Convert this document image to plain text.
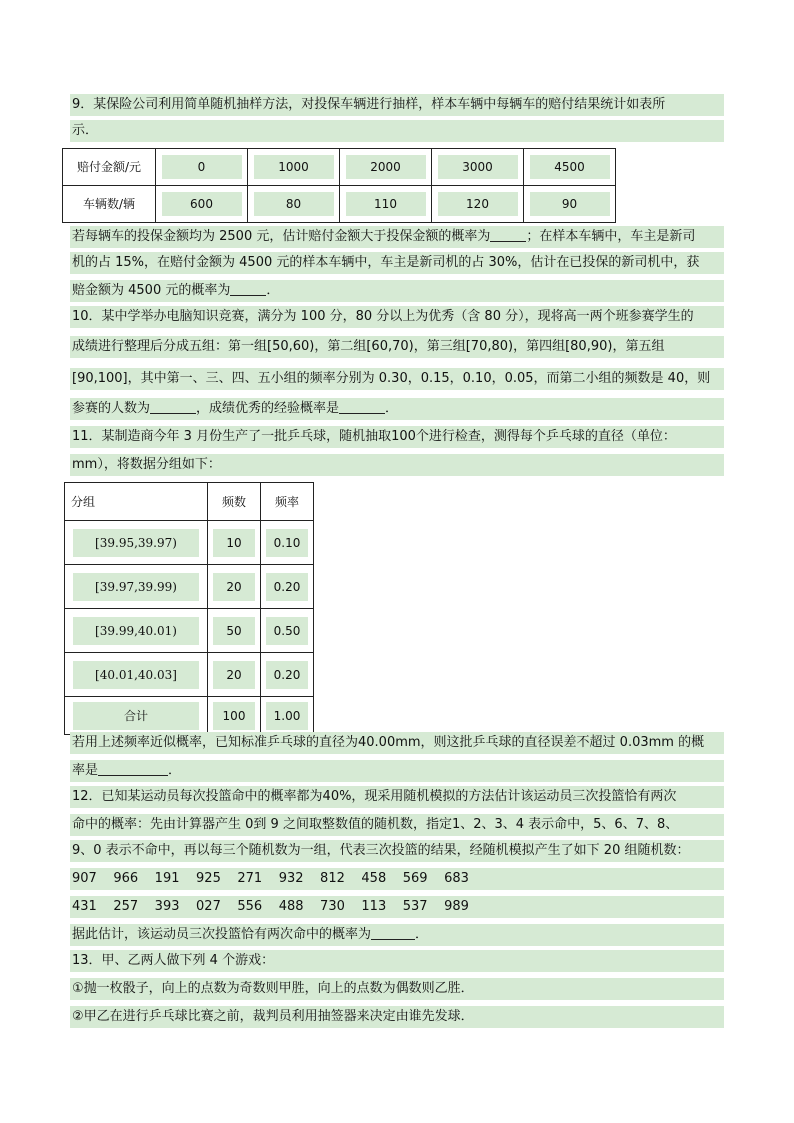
9．某保险公司利用简单随机抽样方法，对投保车辆进行抽样，样本车辆中每辆车的赔付结果统计如表所
示．
赔付金额/元	0	1000	2000	3000	4500
车辆数/辆	600	80	110	120	90
若每辆车的投保金额均为 2500 元，估计赔付金额大于投保金额的概率为	；在样本车辆中，车主是新司
机的占 15%，在赔付金额为 4500 元的样本车辆中，车主是新司机的占 30%，估计在已投保的新司机中，获
赔金额为 4500 元的概率为	．
10．某中学举办电脑知识竞赛，满分为 100 分，80 分以上为优秀（含 80 分），现将高一两个班参赛学生的
成绩进行整理后分成五组：第一组[50,60)，第二组[60,70)，第三组[70,80)，第四组[80,90)，第五组
[90,100]，其中第一、三、四、五小组的频率分别为 0.30，0.15，0.10，0.05，而第二小组的频数是 40，则
参赛的人数为	，成绩优秀的经验概率是	．
11．某制造商今年 3 月份生产了一批乒乓球，随机抽取100个进行检查，测得每个乒乓球的直径（单位：
mm），将数据分组如下：
分组	频数	频率
[39.95,39.97)	10	0.10
[39.97,39.99)	20	0.20
[39.99,40.01)	50	0.50
[40.01,40.03]	20	0.20
合计	100	1.00
若用上述频率近似概率，已知标准乒乓球的直径为40.00mm，则这批乒乓球的直径误差不超过 0.03mm 的概
率是	．
12．已知某运动员每次投篮命中的概率都为40%，现采用随机模拟的方法估计该运动员三次投篮恰有两次
命中的概率：先由计算器产生 0到 9 之间取整数值的随机数，指定1、2、3、4 表示命中，5、6、7、8、
9、0 表示不命中，再以每三个随机数为一组，代表三次投篮的结果，经随机模拟产生了如下 20 组随机数：
907    966    191    925    271    932    812    458    569    683
431    257    393    027    556    488    730    113    537    989
据此估计，该运动员三次投篮恰有两次命中的概率为	．
13．甲、乙两人做下列 4 个游戏：
①抛一枚骰子，向上的点数为奇数则甲胜，向上的点数为偶数则乙胜．
②甲乙在进行乒乓球比赛之前，裁判员利用抽签器来决定由谁先发球．
